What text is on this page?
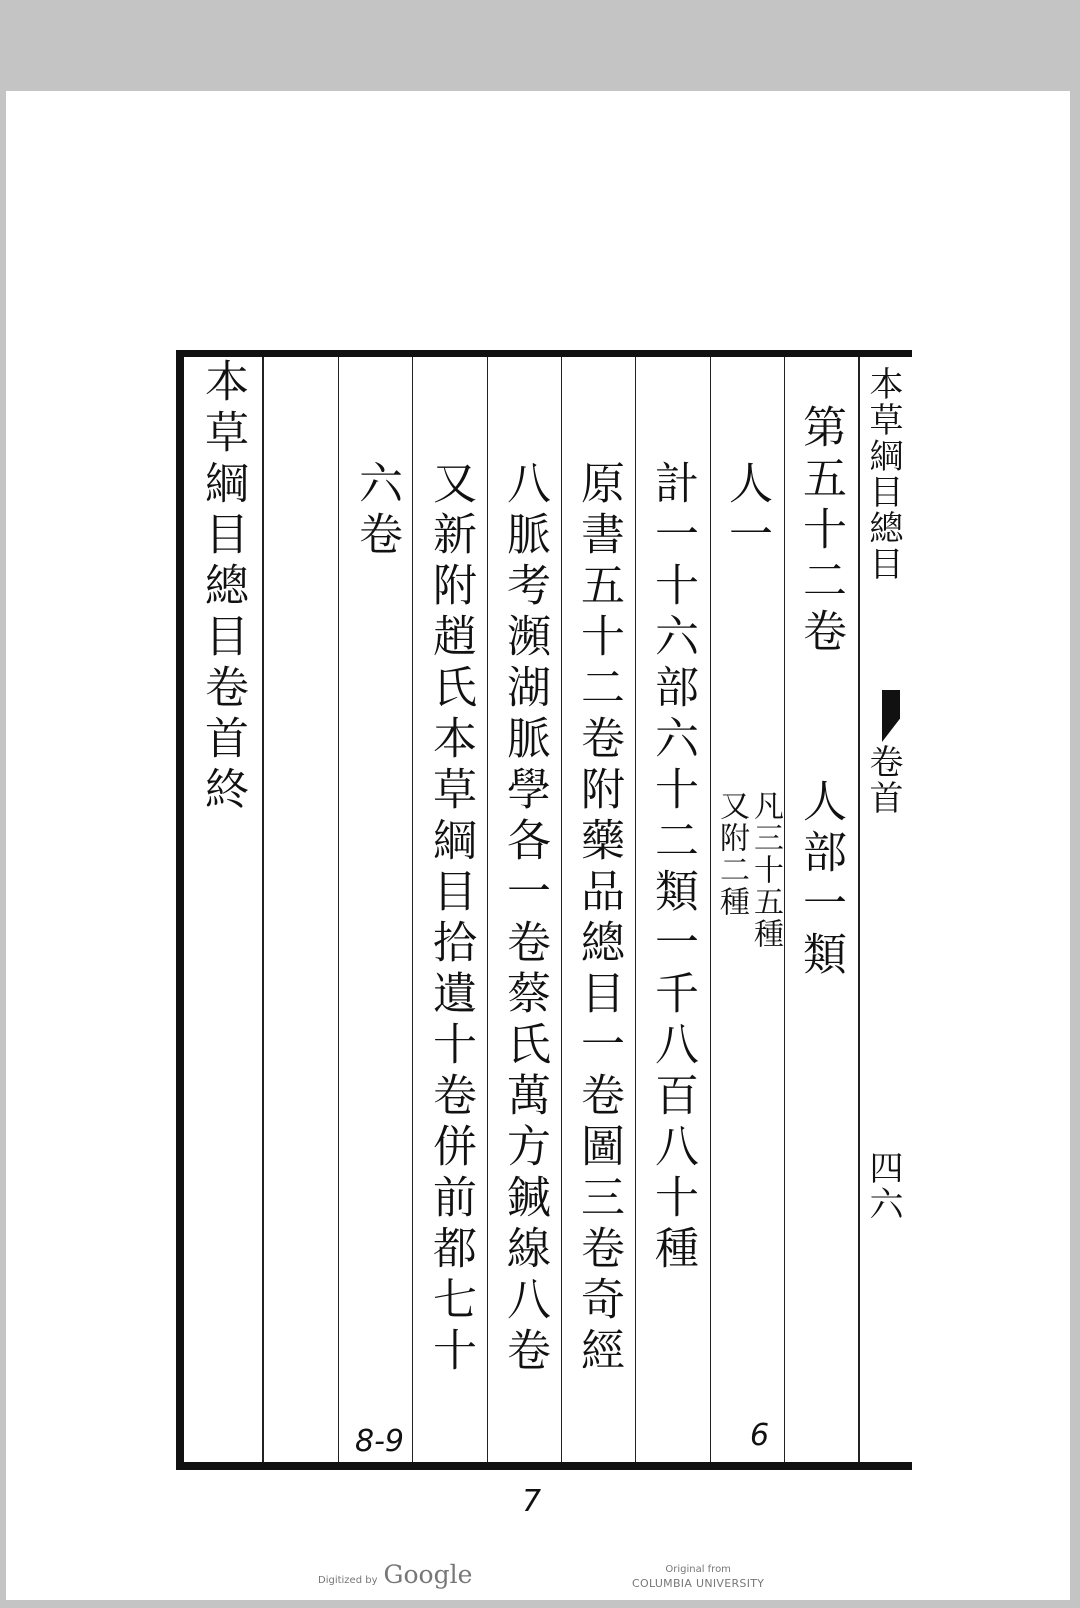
本草綱目總目卷首終 六卷 又新附趙氏本草綱目拾遺十卷併前都七十 八脈考瀕湖脈學各一卷蔡氏萬方鍼線八卷 原書五十二卷附藥品總目一卷圖三卷奇經 計一十六部六十二類一千八百八十種 人一
又附二種 凡三十五種
第五十二卷
人部一類
本草綱目總目
卷首
四六
6
8-9
7
Digitized by Google	Original from
COLUMBIA UNIVERSITY
